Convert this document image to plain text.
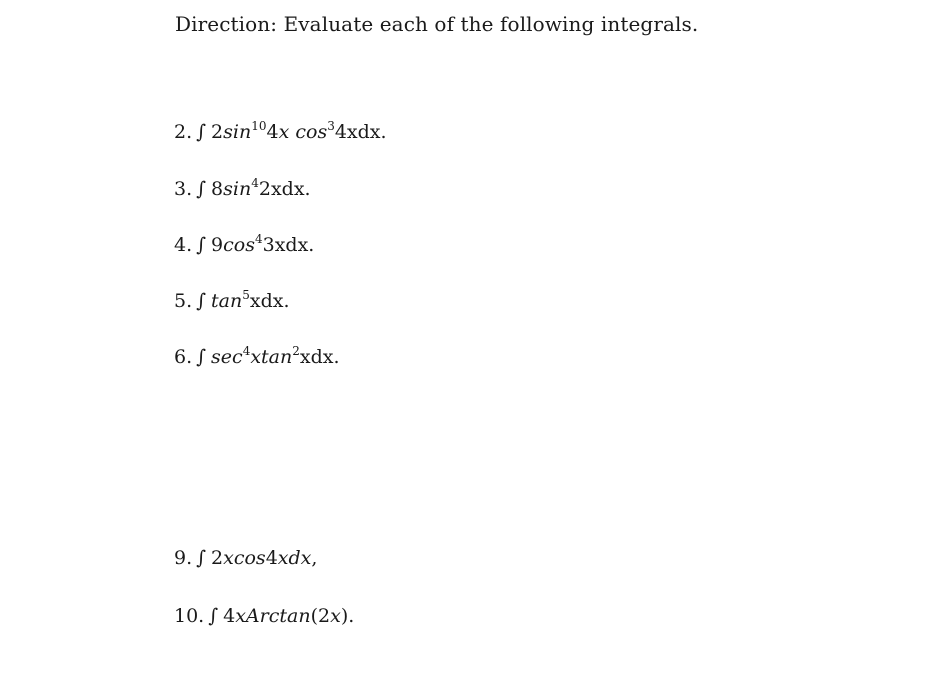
Direction: Evaluate each of the following integrals.
2. ∫ $2\sin^{10}4x$ $\cos^34xdx$.
3. ∫ $8\sin^42xdx$.
4. ∫ $9\cos^43xdx$.
5. ∫ $\tan^5xdx$.
6. ∫ $\sec^4xtan^2xdx$.
9. ∫ 2xcos4xdx,
10. ∫ 4xArctan(2x).
